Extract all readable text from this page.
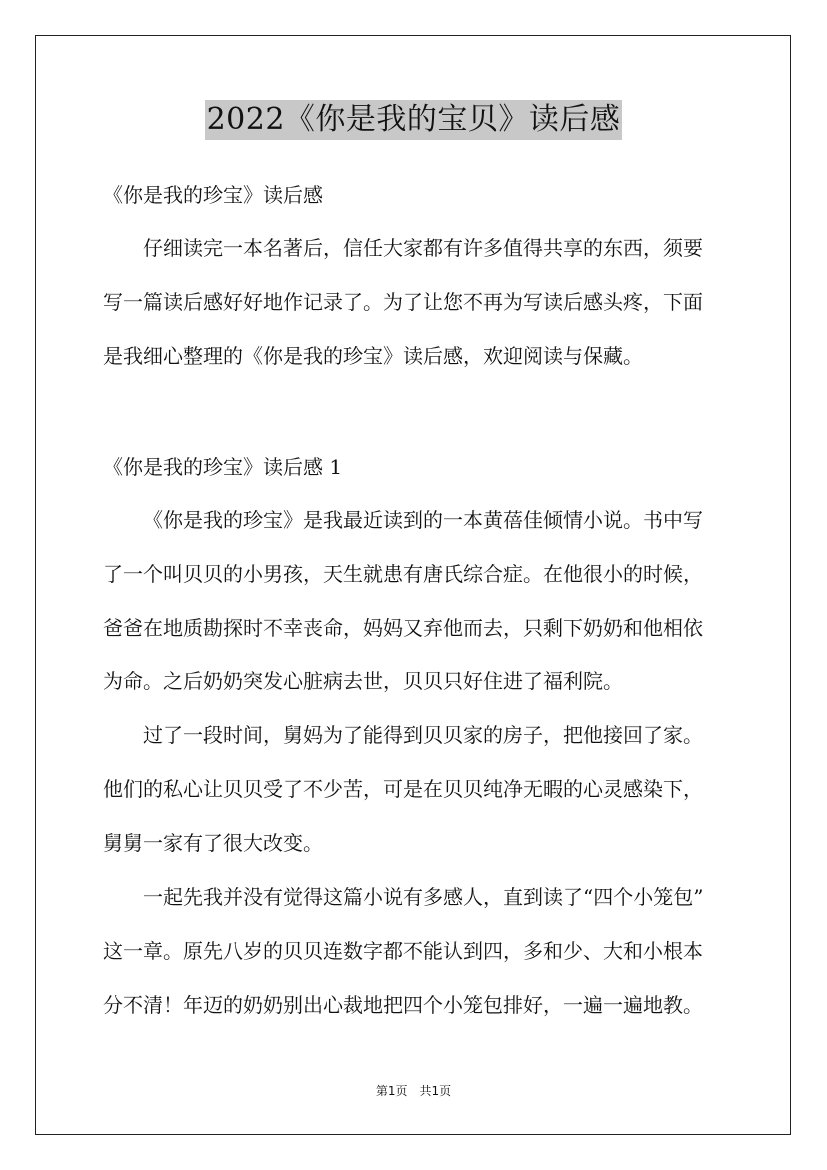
2022《你是我的宝贝》读后感
《你是我的珍宝》读后感
仔细读完一本名著后，信任大家都有许多值得共享的东西，须要
写一篇读后感好好地作记录了。为了让您不再为写读后感头疼，下面
是我细心整理的《你是我的珍宝》读后感，欢迎阅读与保藏。
《你是我的珍宝》读后感 1
《你是我的珍宝》是我最近读到的一本黄蓓佳倾情小说。书中写
了一个叫贝贝的小男孩，天生就患有唐氏综合症。在他很小的时候，
爸爸在地质勘探时不幸丧命，妈妈又弃他而去，只剩下奶奶和他相依
为命。之后奶奶突发心脏病去世，贝贝只好住进了福利院。
过了一段时间，舅妈为了能得到贝贝家的房子，把他接回了家。
他们的私心让贝贝受了不少苦，可是在贝贝纯净无暇的心灵感染下，
舅舅一家有了很大改变。
一起先我并没有觉得这篇小说有多感人，直到读了“四个小笼包”
这一章。原先八岁的贝贝连数字都不能认到四，多和少、大和小根本
分不清！年迈的奶奶别出心裁地把四个小笼包排好，一遍一遍地教。
第1页 共1页
